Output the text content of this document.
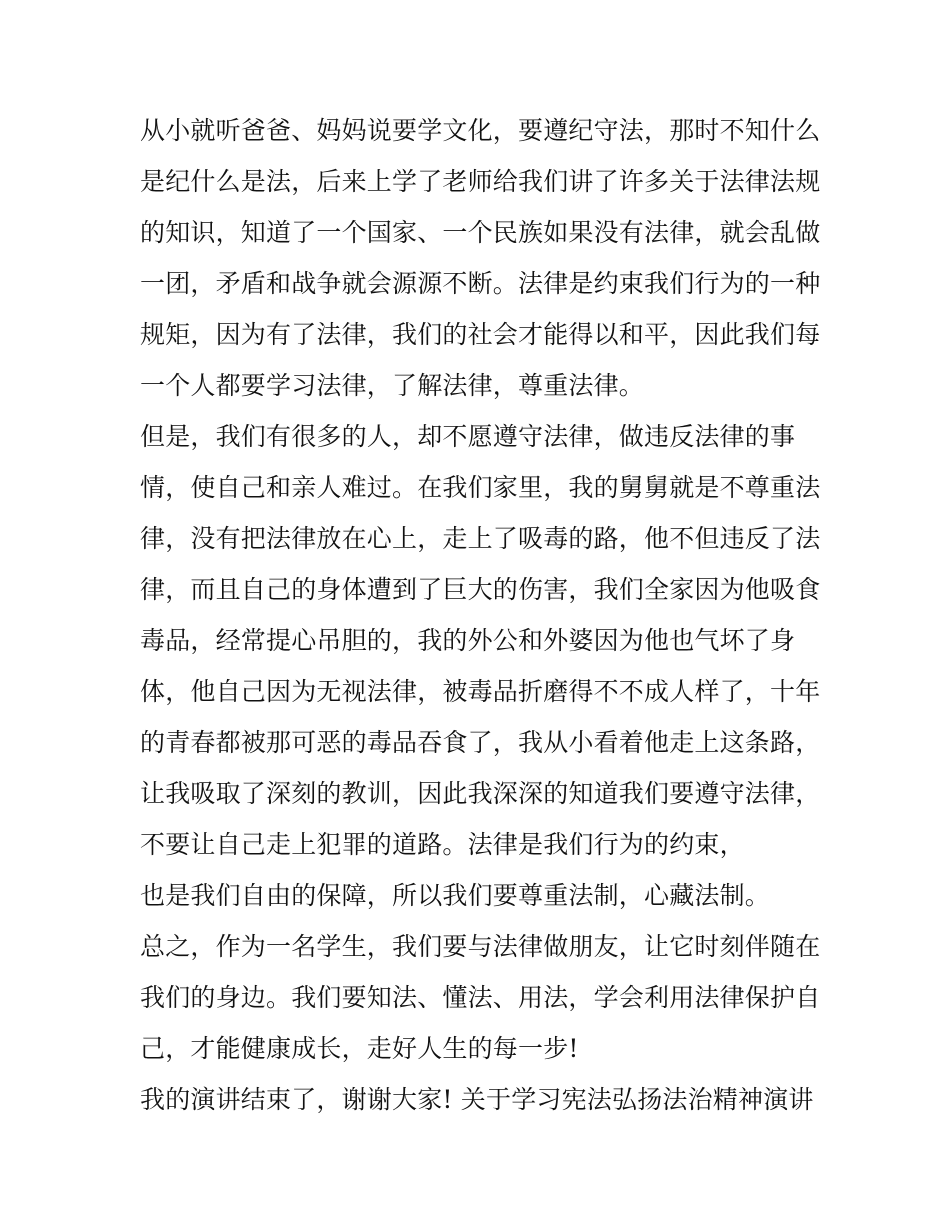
从小就听爸爸、妈妈说要学文化，要遵纪守法，那时不知什么
是纪什么是法，后来上学了老师给我们讲了许多关于法律法规
的知识，知道了一个国家、一个民族如果没有法律，就会乱做
一团，矛盾和战争就会源源不断。法律是约束我们行为的一种
规矩，因为有了法律，我们的社会才能得以和平，因此我们每
一个人都要学习法律，了解法律，尊重法律。
但是，我们有很多的人，却不愿遵守法律，做违反法律的事
情，使自己和亲人难过。在我们家里，我的舅舅就是不尊重法
律，没有把法律放在心上，走上了吸毒的路，他不但违反了法
律，而且自己的身体遭到了巨大的伤害，我们全家因为他吸食
毒品，经常提心吊胆的，我的外公和外婆因为他也气坏了身
体，他自己因为无视法律，被毒品折磨得不不成人样了，十年
的青春都被那可恶的毒品吞食了，我从小看着他走上这条路，
让我吸取了深刻的教训，因此我深深的知道我们要遵守法律，
不要让自己走上犯罪的道路。法律是我们行为的约束，
也是我们自由的保障，所以我们要尊重法制，心藏法制。
总之，作为一名学生，我们要与法律做朋友，让它时刻伴随在
我们的身边。我们要知法、懂法、用法，学会利用法律保护自
己，才能健康成长，走好人生的每一步!
我的演讲结束了，谢谢大家! 关于学习宪法弘扬法治精神演讲
